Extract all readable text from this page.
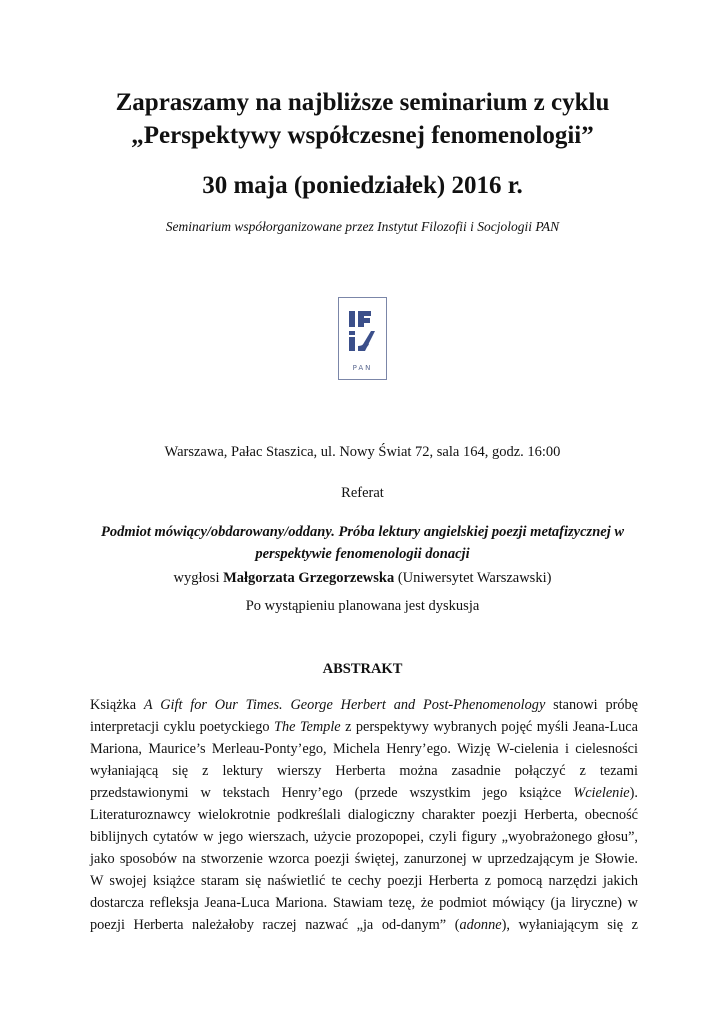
Zapraszamy na najbliższe seminarium z cyklu
„Perspektywy współczesnej fenomenologii”
30 maja (poniedziałek) 2016 r.
Seminarium współorganizowane przez Instytut Filozofii i Socjologii PAN
PAN
Warszawa, Pałac Staszica, ul. Nowy Świat 72, sala 164, godz. 16:00
Referat
Podmiot mówiący/obdarowany/oddany. Próba lektury angielskiej poezji metafizycznej w
perspektywie fenomenologii donacji
wygłosi Małgorzata Grzegorzewska (Uniwersytet Warszawski)
Po wystąpieniu planowana jest dyskusja
ABSTRAKT
Książka A Gift for Our Times. George Herbert and Post-Phenomenology stanowi próbę
interpretacji cyklu poetyckiego The Temple z perspektywy wybranych pojęć myśli Jeana-Luca
Mariona, Maurice’s Merleau-Ponty’ego, Michela Henry’ego. Wizję W-cielenia i cielesności
wyłaniającą się z lektury wierszy Herberta można zasadnie połączyć z tezami
przedstawionymi w tekstach Henry’ego (przede wszystkim jego książce Wcielenie).
Literaturoznawcy wielokrotnie podkreślali dialogiczny charakter poezji Herberta, obecność
biblijnych cytatów w jego wierszach, użycie prozopopei, czyli figury „wyobrażonego głosu”,
jako sposobów na stworzenie wzorca poezji świętej, zanurzonej w uprzedzającym je Słowie.
W swojej książce staram się naświetlić te cechy poezji Herberta z pomocą narzędzi jakich
dostarcza refleksja Jeana-Luca Mariona. Stawiam tezę, że podmiot mówiący (ja liryczne) w
poezji Herberta należałoby raczej nazwać „ja od-danym” (adonne), wyłaniającym się z
